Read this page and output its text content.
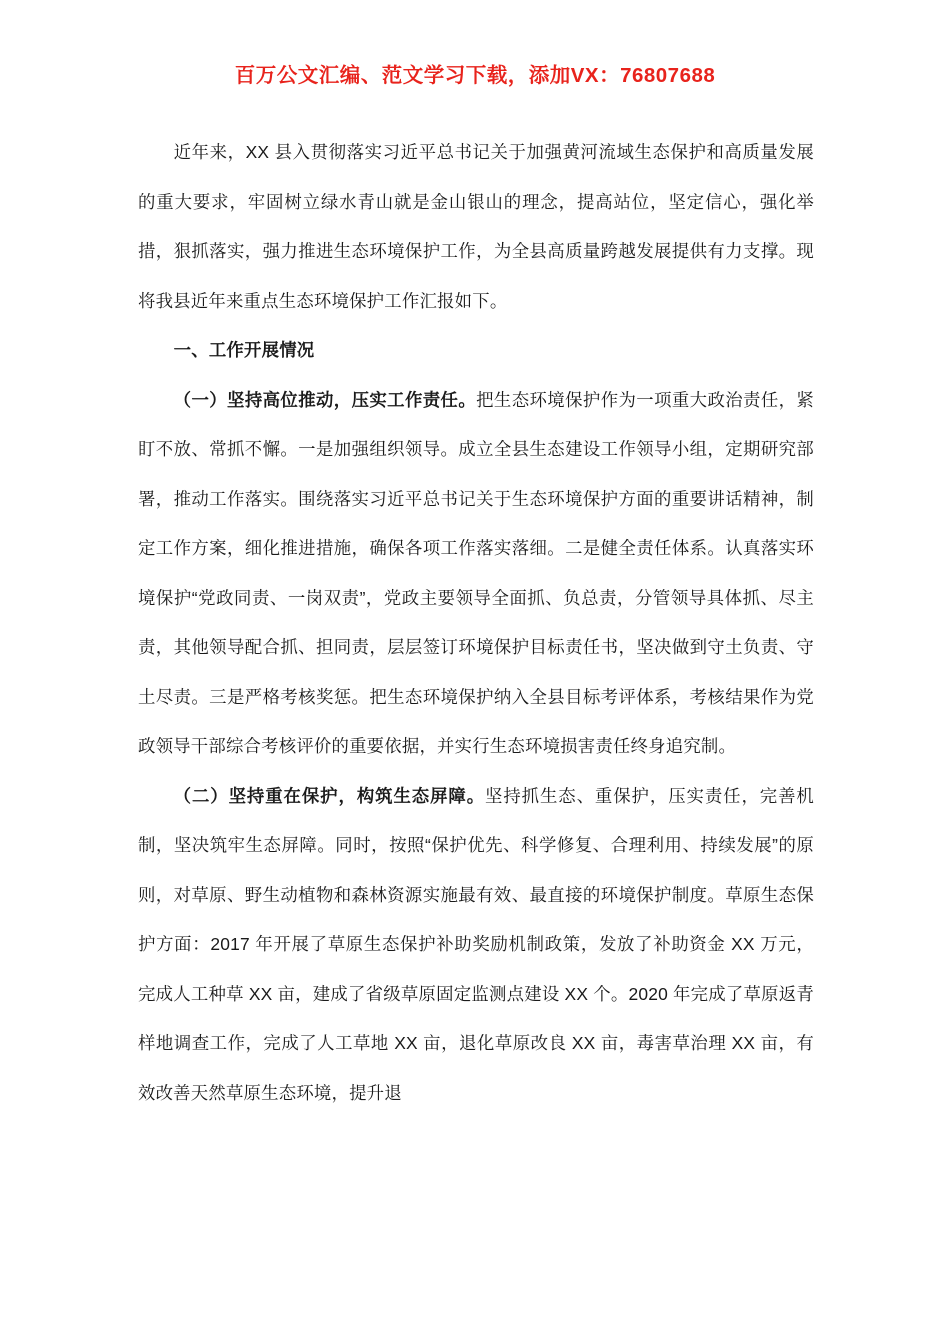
百万公文汇编、范文学习下载，添加VX：76807688

近年来，XX 县入贯彻落实习近平总书记关于加强黄河流域生态保护和高质量发展的重大要求，牢固树立绿水青山就是金山银山的理念，提高站位，坚定信心，强化举措，狠抓落实，强力推进生态环境保护工作，为全县高质量跨越发展提供有力支撑。现将我县近年来重点生态环境保护工作汇报如下。

一、工作开展情况

（一）坚持高位推动，压实工作责任。把生态环境保护作为一项重大政治责任，紧盯不放、常抓不懈。一是加强组织领导。成立全县生态建设工作领导小组，定期研究部署，推动工作落实。围绕落实习近平总书记关于生态环境保护方面的重要讲话精神，制定工作方案，细化推进措施，确保各项工作落实落细。二是健全责任体系。认真落实环境保护“党政同责、一岗双责”，党政主要领导全面抓、负总责，分管领导具体抓、尽主责，其他领导配合抓、担同责，层层签订环境保护目标责任书，坚决做到守土负责、守土尽责。三是严格考核奖惩。把生态环境保护纳入全县目标考评体系，考核结果作为党政领导干部综合考核评价的重要依据，并实行生态环境损害责任终身追究制。

（二）坚持重在保护，构筑生态屏障。坚持抓生态、重保护，压实责任，完善机制，坚决筑牢生态屏障。同时，按照“保护优先、科学修复、合理利用、持续发展”的原则，对草原、野生动植物和森林资源实施最有效、最直接的环境保护制度。草原生态保护方面：2017 年开展了草原生态保护补助奖励机制政策，发放了补助资金 XX 万元，完成人工种草 XX 亩，建成了省级草原固定监测点建设 XX 个。2020 年完成了草原返青样地调查工作，完成了人工草地 XX 亩，退化草原改良 XX 亩，毒害草治理 XX 亩，有效改善天然草原生态环境，提升退
